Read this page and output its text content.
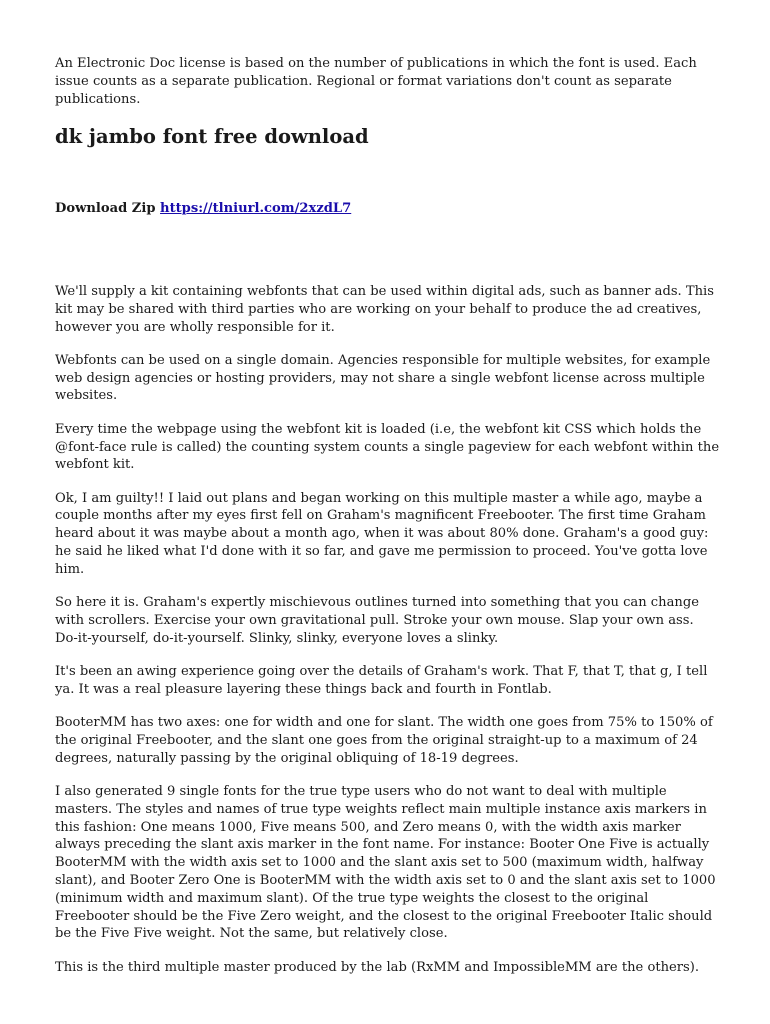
An Electronic Doc license is based on the number of publications in which the font is used. Each issue counts as a separate publication. Regional or format variations don't count as separate publications.

dk jambo font free download
Download Zip https://tlniurl.com/2xzdL7

We'll supply a kit containing webfonts that can be used within digital ads, such as banner ads. This kit may be shared with third parties who are working on your behalf to produce the ad creatives, however you are wholly responsible for it.

Webfonts can be used on a single domain. Agencies responsible for multiple websites, for example web design agencies or hosting providers, may not share a single webfont license across multiple websites.

Every time the webpage using the webfont kit is loaded (i.e, the webfont kit CSS which holds the @font-face rule is called) the counting system counts a single pageview for each webfont within the webfont kit.

Ok, I am guilty!! I laid out plans and began working on this multiple master a while ago, maybe a couple months after my eyes first fell on Graham's magnificent Freebooter. The first time Graham heard about it was maybe about a month ago, when it was about 80% done. Graham's a good guy: he said he liked what I'd done with it so far, and gave me permission to proceed. You've gotta love him.

So here it is. Graham's expertly mischievous outlines turned into something that you can change with scrollers. Exercise your own gravitational pull. Stroke your own mouse. Slap your own ass. Do-it-yourself, do-it-yourself. Slinky, slinky, everyone loves a slinky.

It's been an awing experience going over the details of Graham's work. That F, that T, that g, I tell ya. It was a real pleasure layering these things back and fourth in Fontlab.

BooterMM has two axes: one for width and one for slant. The width one goes from 75% to 150% of the original Freebooter, and the slant one goes from the original straight-up to a maximum of 24 degrees, naturally passing by the original obliquing of 18-19 degrees.

I also generated 9 single fonts for the true type users who do not want to deal with multiple masters. The styles and names of true type weights reflect main multiple instance axis markers in this fashion: One means 1000, Five means 500, and Zero means 0, with the width axis marker always preceding the slant axis marker in the font name. For instance: Booter One Five is actually BooterMM with the width axis set to 1000 and the slant axis set to 500 (maximum width, halfway slant), and Booter Zero One is BooterMM with the width axis set to 0 and the slant axis set to 1000 (minimum width and maximum slant). Of the true type weights the closest to the original Freebooter should be the Five Zero weight, and the closest to the original Freebooter Italic should be the Five Five weight. Not the same, but relatively close.

This is the third multiple master produced by the lab (RxMM and ImpossibleMM are the others).
